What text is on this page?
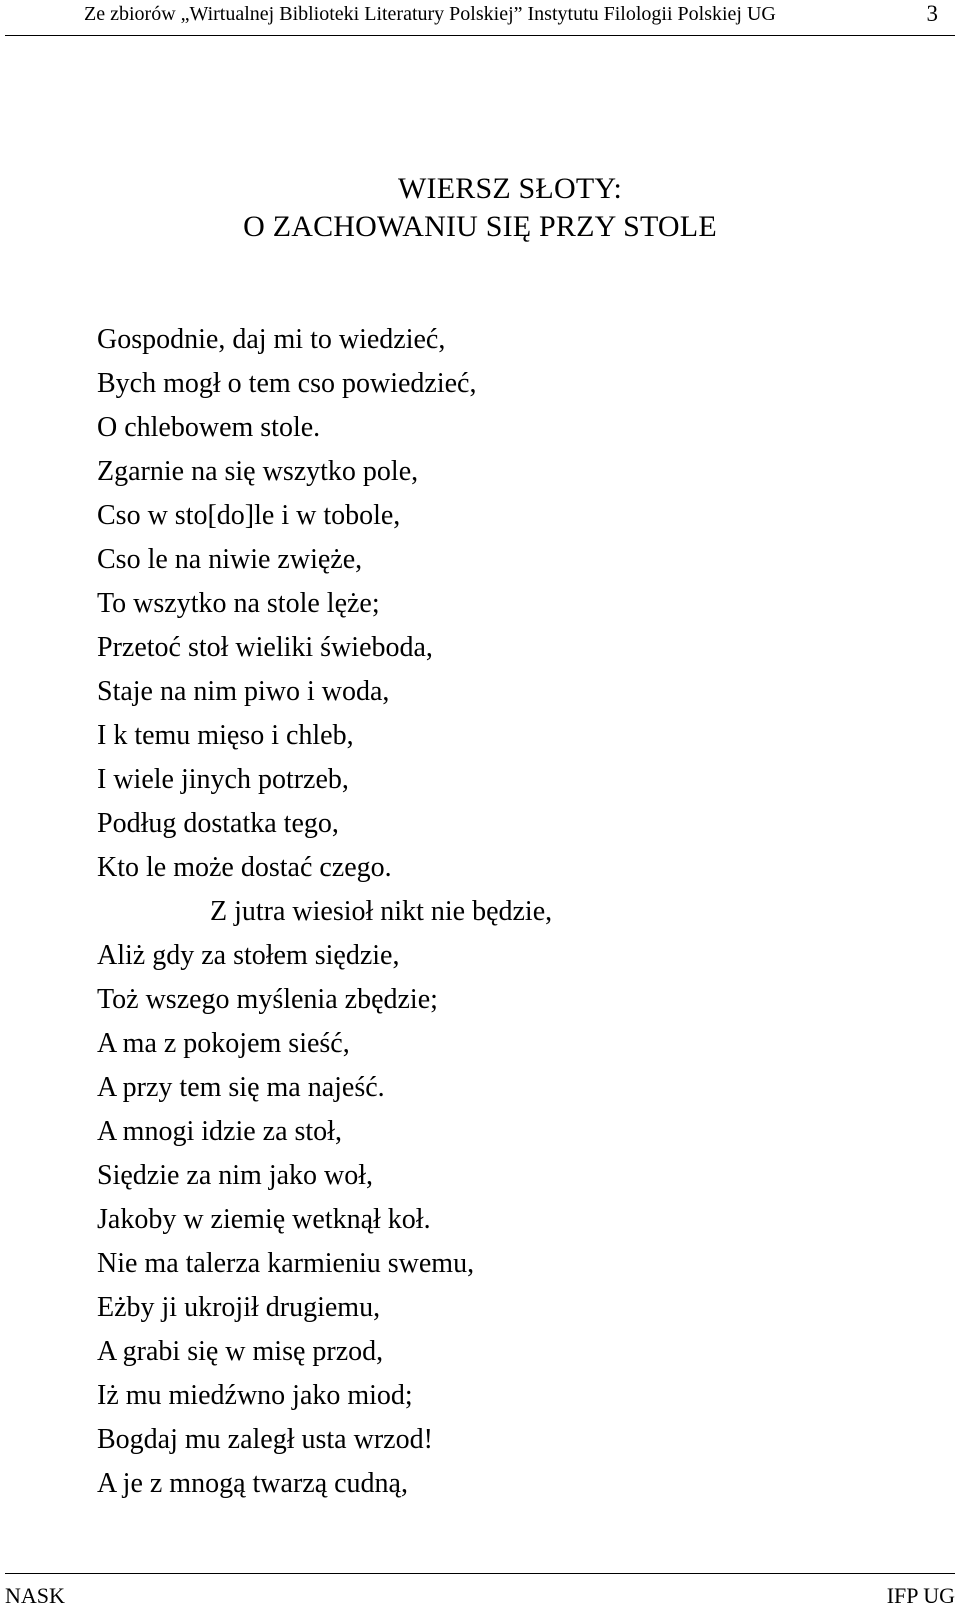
Ze zbiorów „Wirtualnej Biblioteki Literatury Polskiej” Instytutu Filologii Polskiej UG	3
WIERSZ SŁOTY:
O ZACHOWANIU SIĘ PRZY STOLE
Gospodnie, daj mi to wiedzieć,
Bych mogł o tem cso powiedzieć,
O chlebowem stole.
Zgarnie na się wszytko pole,
Cso w sto[do]le i w tobole,
Cso le na niwie zwięże,
To wszytko na stole lęże;
Przetoć stoł wieliki świeboda,
Staje na nim piwo i woda,
I k temu mięso i chleb,
I wiele jinych potrzeb,
Podług dostatka tego,
Kto le może dostać czego.
Z jutra wiesioł nikt nie będzie,
Aliż gdy za stołem siędzie,
Toż wszego myślenia zbędzie;
A ma z pokojem sieść,
A przy tem się ma najeść.
A mnogi idzie za stoł,
Siędzie za nim jako woł,
Jakoby w ziemię wetknął koł.
Nie ma talerza karmieniu swemu,
Eżby ji ukrojił drugiemu,
A grabi się w misę przod,
Iż mu miedźwno jako miod;
Bogdaj mu zaległ usta wrzod!
A je z mnogą twarzą cudną,
NASK	IFP UG
